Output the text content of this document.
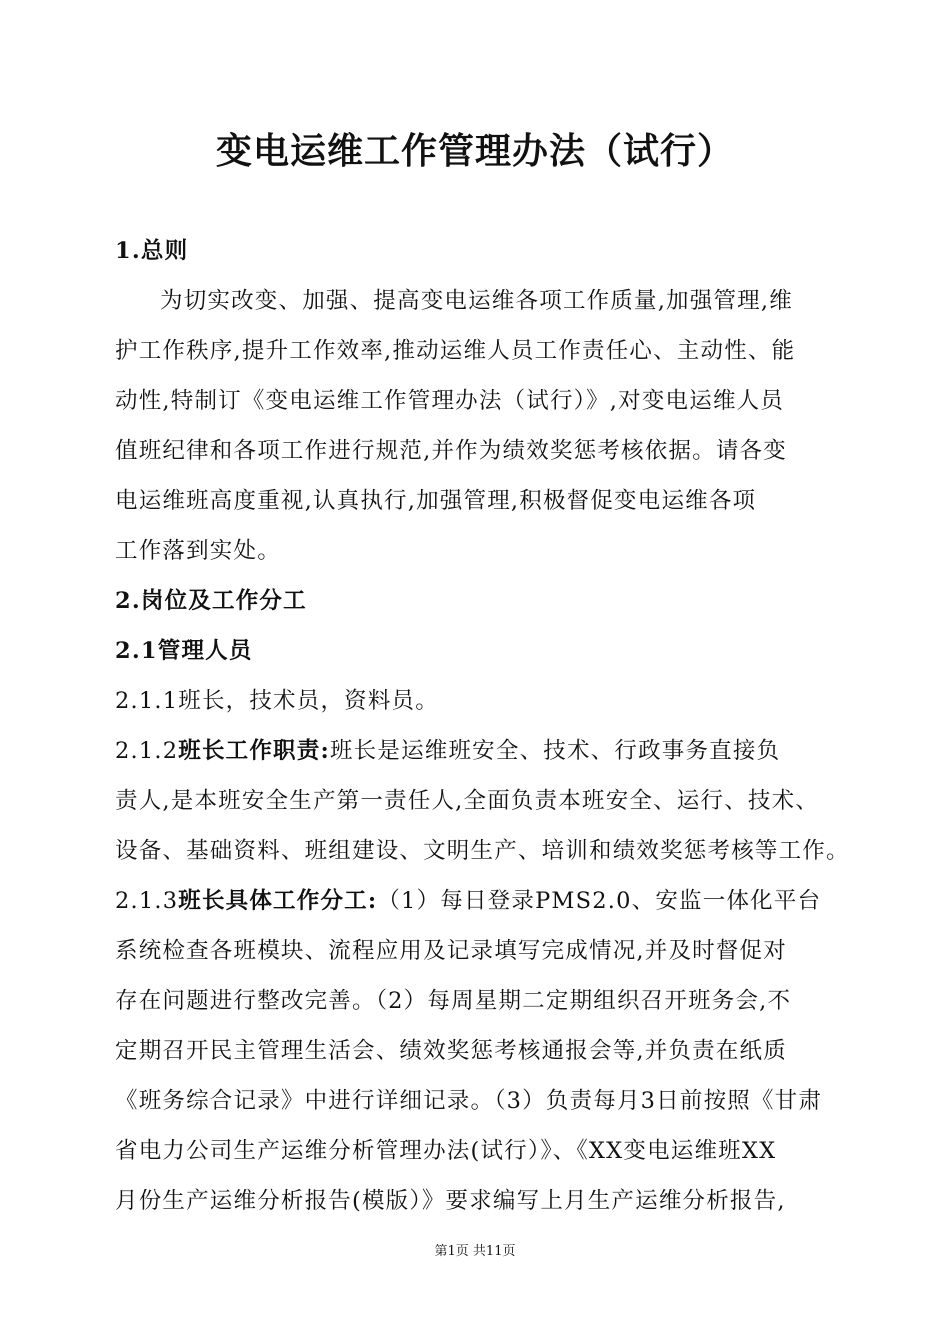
变电运维工作管理办法（试行）
1.总则
为切实改变、加强、提高变电运维各项工作质量,加强管理,维
护工作秩序,提升工作效率,推动运维人员工作责任心、主动性、能
动性,特制订《变电运维工作管理办法（试行）》,对变电运维人员
值班纪律和各项工作进行规范,并作为绩效奖惩考核依据。请各变
电运维班高度重视,认真执行,加强管理,积极督促变电运维各项
工作落到实处。
2.岗位及工作分工
2.1管理人员
2.1.1班长，技术员，资料员。
2.1.2班长工作职责:班长是运维班安全、技术、行政事务直接负
责人,是本班安全生产第一责任人,全面负责本班安全、运行、技术、
设备、基础资料、班组建设、文明生产、培训和绩效奖惩考核等工作。
2.1.3班长具体工作分工:（1）每日登录PMS2.0、安监一体化平台
系统检查各班模块、流程应用及记录填写完成情况,并及时督促对
存在问题进行整改完善。（2）每周星期二定期组织召开班务会,不
定期召开民主管理生活会、绩效奖惩考核通报会等,并负责在纸质
《班务综合记录》中进行详细记录。（3）负责每月3日前按照《甘肃
省电力公司生产运维分析管理办法(试行）》、《XX变电运维班XX
月份生产运维分析报告(模版）》要求编写上月生产运维分析报告,
第1页 共11页
